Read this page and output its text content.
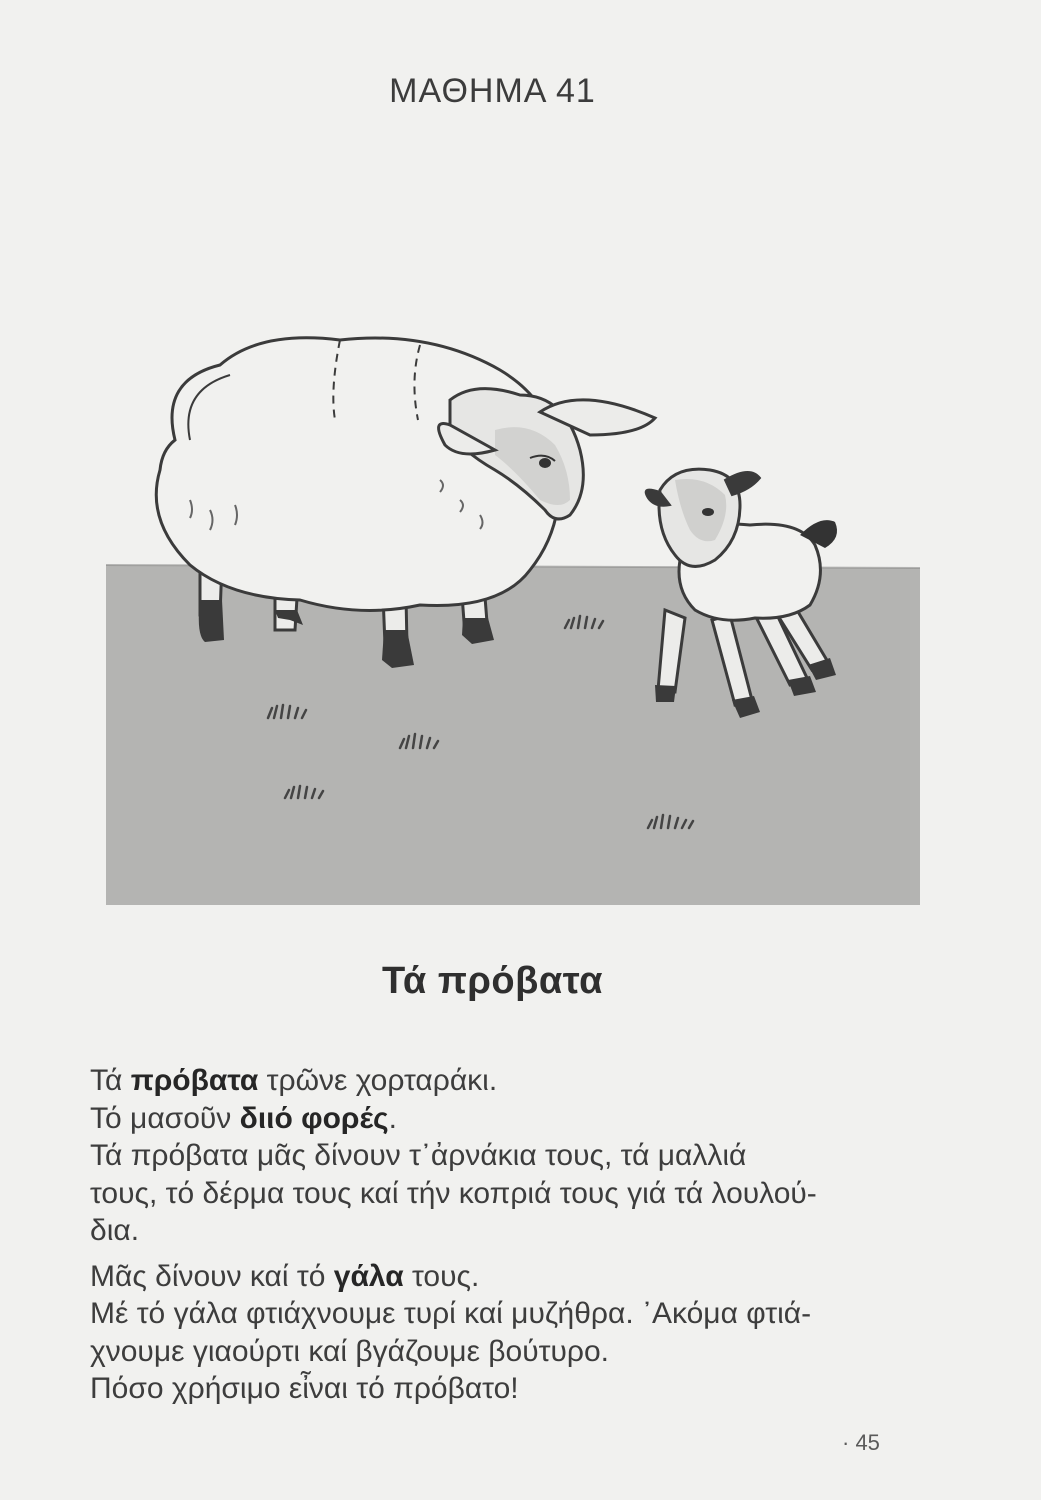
ΜΑΘΗΜΑ 41
Τά πρόβατα

Τά πρόβατα τρῶνε χορταράκι.

Τό μασοῦν διιό φορές.

Τά πρόβατα μᾶς δίνουν τ᾽ἀρνάκια τους, τά μαλλιά

τους, τό δέρμα τους καί τήν κοπριά τους γιά τά λουλού-

δια.

Μᾶς δίνουν καί τό γάλα τους.

Μέ τό γάλα φτιάχνουμε τυρί καί μυζήθρα. ᾽Ακόμα φτιά-

χνουμε γιαούρτι καί βγάζουμε βούτυρο.

Πόσο χρήσιμο εἶναι τό πρόβατο!

· 45
